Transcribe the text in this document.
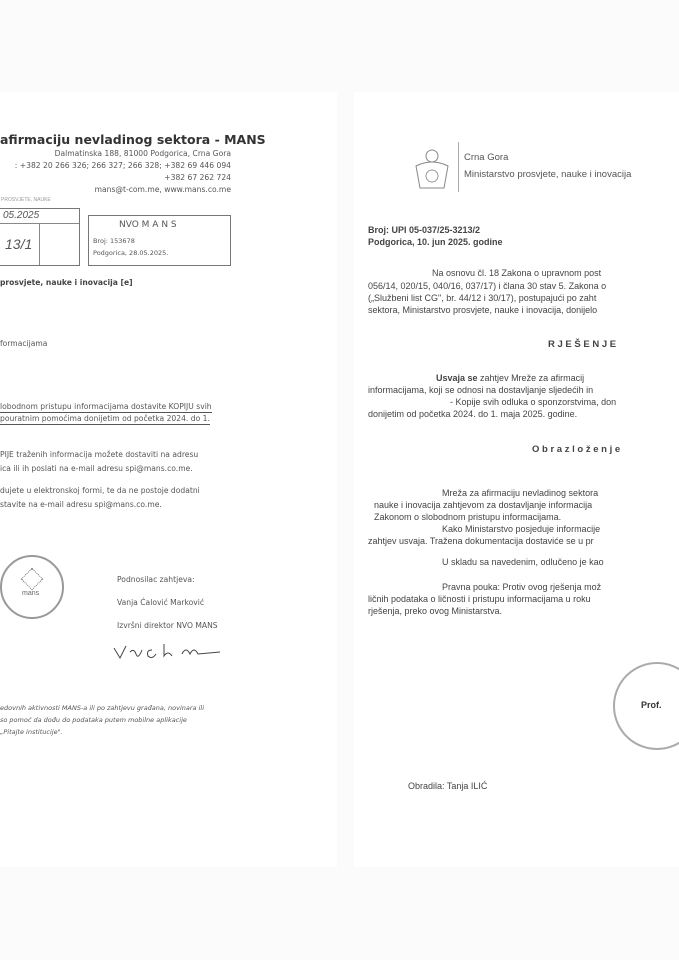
afirmaciju nevladinog sektora - MANS
Dalmatinska 188, 81000 Podgorica, Crna Gora
: +382 20 266 326; 266 327; 266 328; +382 69 446 094
+382 67 262 724
mans@t-com.me, www.mans.co.me
PROSVJETE, NAUKE
05.2025
13/1
NVO M A N S
Broj: 153678
Podgorica, 28.05.2025.
prosvjete, nauke i inovacija [e]
formacijama
lobodnom pristupu informacijama dostavite KOPIJU svih
pouratnim pomoćima donijetim od početka 2024. do 1.
PIJE traženih informacija možete dostaviti na adresu
ica ili ih poslati na e-mail adresu spi@mans.co.me.
dujete u elektronskoj formi, te da ne postoje dodatni
stavite na e-mail adresu spi@mans.co.me.
mans
Podnosilac zahtjeva:
Vanja Ćalović Marković
Izvršni direktor NVO MANS
edovnih aktivnosti MANS-a ili po zahtjevu građana, novinara ili
so pomoć da dođu do podataka putem mobilne aplikacije
„Pitajte institucije".
Crna Gora
Ministarstvo prosvjete, nauke i inovacija
Broj: UPI 05-037/25-3213/2
Podgorica, 10. jun 2025. godine
Na osnovu čl. 18 Zakona o upravnom post
056/14, 020/15, 040/16, 037/17) i člana 30 stav 5. Zakona o
(„Službeni list CG", br. 44/12 i 30/17), postupajući po zaht
sektora, Ministarstvo prosvjete, nauke i inovacija, donijelo
R J E Š E N J E
Usvaja se zahtjev Mreže za afirmacij
informacijama, koji se odnosi na dostavljanje sljedećih in
- Kopije svih odluka o sponzorstvima, don
donijetim od početka 2024. do 1. maja 2025. godine.
O b r a z l o ž e n j e
Mreža za afirmaciju nevladinog sektora
nauke i inovacija zahtjevom za dostavljanje informacija
Zakonom o slobodnom pristupu informacijama.
Kako Ministarstvo posjeduje informacije
zahtjev usvaja. Tražena dokumentacija dostaviće se u pr
U skladu sa navedenim, odlučeno je kao
Pravna pouka: Protiv ovog rješenja mož
ličnih podataka o ličnosti i pristupu informacijama u roku
rješenja, preko ovog Ministarstva.
Prof.
Obradila: Tanja ILIĆ
